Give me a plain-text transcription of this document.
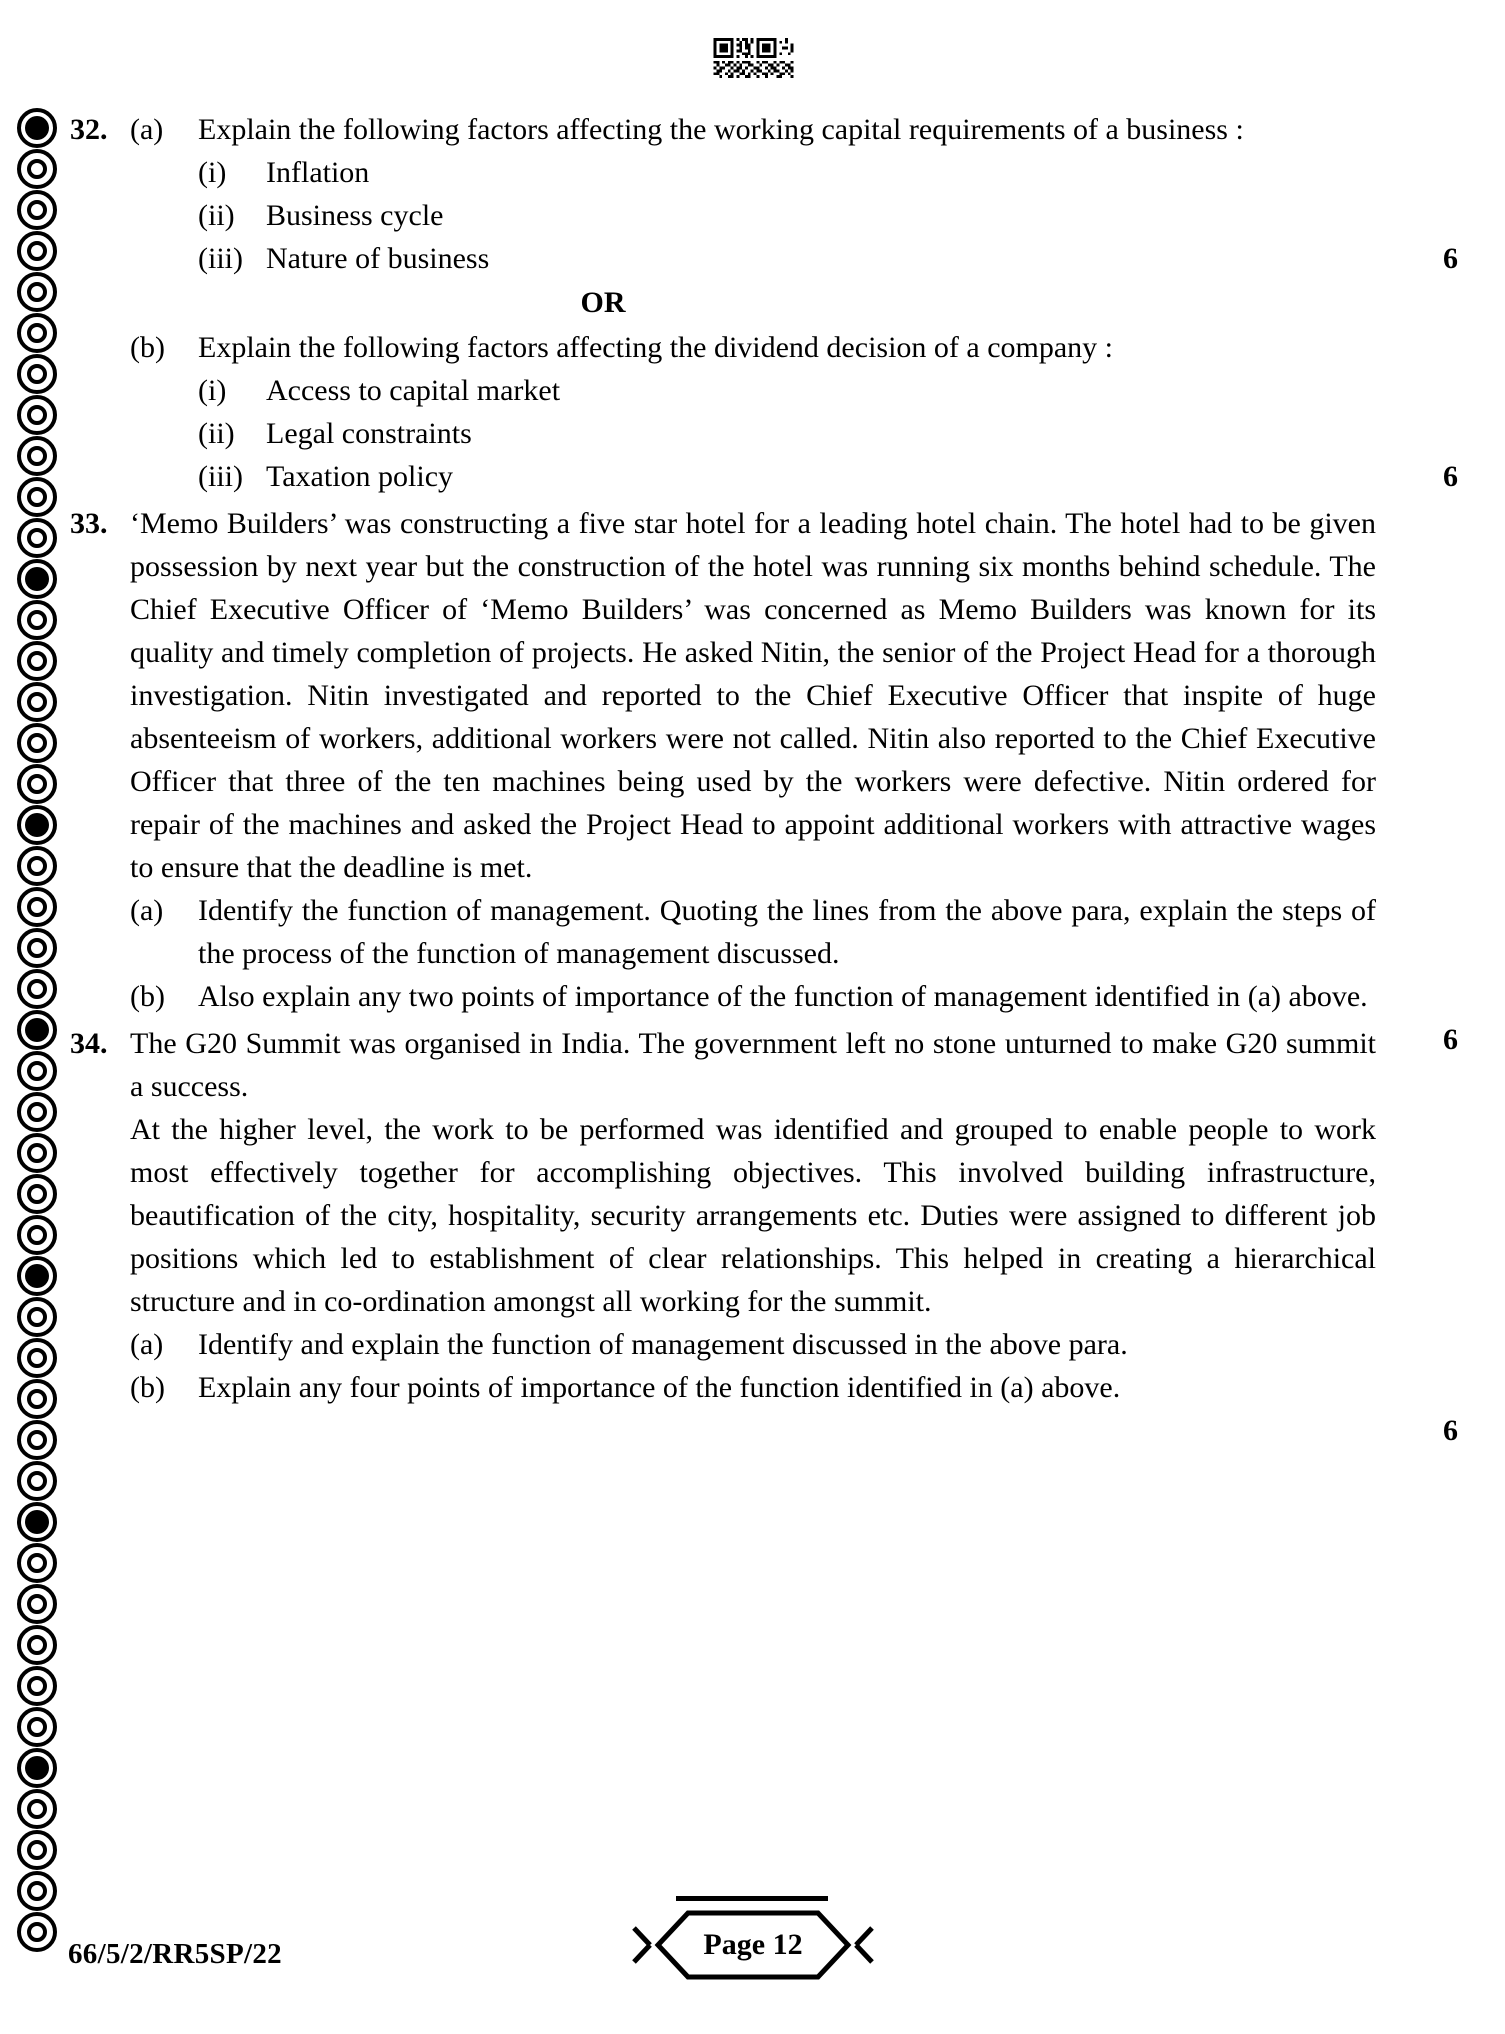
32. (a)	Explain the following factors affecting the working capital requirements of a business :
(i)	Inflation
(ii)	Business cycle
(iii) Nature of business	6
OR
(b)	Explain the following factors affecting the dividend decision of a company :
(i)	Access to capital market
(ii)	Legal constraints
(iii) Taxation policy	6
33. ‘Memo Builders’ was constructing a five star hotel for a leading hotel chain. The hotel had to be given possession by next year but the construction of the hotel was running six months behind schedule. The Chief Executive Officer of ‘Memo Builders’ was concerned as Memo Builders was known for its quality and timely completion of projects. He asked Nitin, the senior of the Project Head for a thorough investigation. Nitin investigated and reported to the Chief Executive Officer that inspite of huge absenteeism of workers, additional workers were not called. Nitin also reported to the Chief Executive Officer that three of the ten machines being used by the workers were defective. Nitin ordered for repair of the machines and asked the Project Head to appoint additional workers with attractive wages to ensure that the deadline is met.
(a)	Identify the function of management. Quoting the lines from the above para, explain the steps of the process of the function of management discussed.
(b)	Also explain any two points of importance of the function of management identified in (a) above.
6
34. The G20 Summit was organised in India. The government left no stone unturned to make G20 summit a success.
At the higher level, the work to be performed was identified and grouped to enable people to work most effectively together for accomplishing objectives. This involved building infrastructure, beautification of the city, hospitality, security arrangements etc. Duties were assigned to different job positions which led to establishment of clear relationships. This helped in creating a hierarchical structure and in co-ordination amongst all working for the summit.
(a)	Identify and explain the function of management discussed in the above para.
(b)	Explain any four points of importance of the function identified in (a) above.
6
66/5/2/RR5SP/22	Page 12
